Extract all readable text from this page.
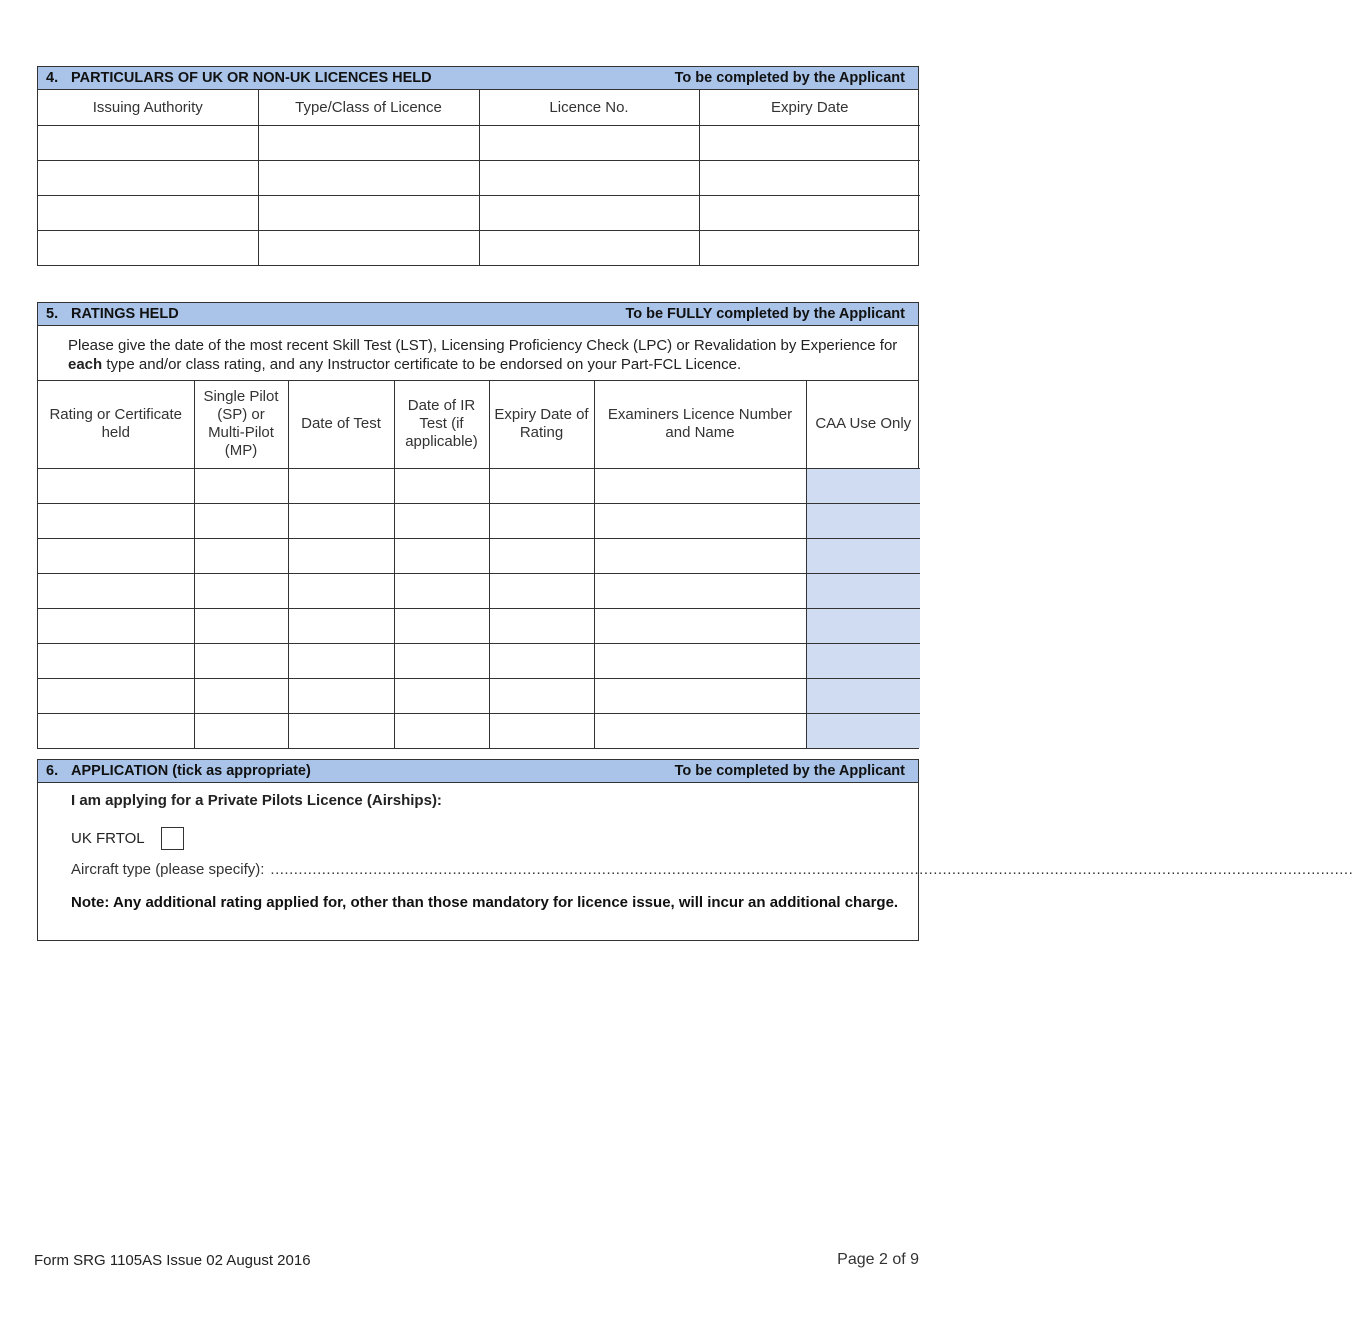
4. PARTICULARS OF UK OR NON-UK LICENCES HELD	To be completed by the Applicant
Issuing Authority	Type/Class of Licence	Licence No.	Expiry Date

5. RATINGS HELD	To be FULLY completed by the Applicant
Please give the date of the most recent Skill Test (LST), Licensing Proficiency Check (LPC) or Revalidation by Experience for each type and/or class rating, and any Instructor certificate to be endorsed on your Part-FCL Licence.
Rating or Certificate held	Single Pilot (SP) or Multi-Pilot (MP)	Date of Test	Date of IR Test (if applicable)	Expiry Date of Rating	Examiners Licence Number and Name	CAA Use Only

6. APPLICATION (tick as appropriate)	To be completed by the Applicant
I am applying for a Private Pilots Licence (Airships):
UK FRTOL
Aircraft type (please specify): ........................................................................................................................................................................................................................................
Note: Any additional rating applied for, other than those mandatory for licence issue, will incur an additional charge.
Form SRG 1105AS Issue 02 August 2016	Page 2 of 9
